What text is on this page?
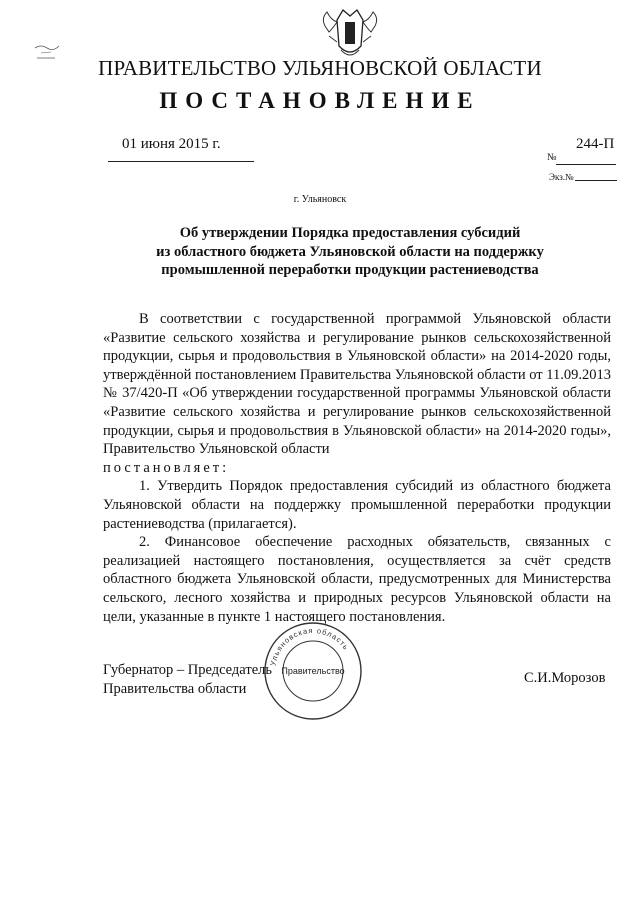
ПРАВИТЕЛЬСТВО УЛЬЯНОВСКОЙ ОБЛАСТИ
ПОСТАНОВЛЕНИЕ
01 июня 2015 г.	244-П
№
Экз.№
г. Ульяновск
Об утверждении Порядка предоставления субсидий
из областного бюджета Ульяновской области на поддержку
промышленной переработки продукции растениеводства

В соответствии с государственной программой Ульяновской области «Развитие сельского хозяйства и регулирование рынков сельскохозяйственной продукции, сырья и продовольствия в Ульяновской области» на 2014-2020 годы, утверждённой постановлением Правительства Ульяновской области от 11.09.2013 № 37/420-П «Об утверждении государственной программы Ульяновской области «Развитие сельского хозяйства и регулирование рынков сельскохозяйственной продукции, сырья и продовольствия в Ульяновской области» на 2014-2020 годы», Правительство Ульяновской области

постановляет:

1. Утвердить Порядок предоставления субсидий из областного бюджета Ульяновской области на поддержку промышленной переработки продукции растениеводства (прилагается).

2. Финансовое обеспечение расходных обязательств, связанных с реализацией настоящего постановления, осуществляется за счёт средств областного бюджета Ульяновской области, предусмотренных для Министерства сельского, лесного хозяйства и природных ресурсов Ульяновской области на цели, указанные в пункте 1 настоящего постановления.

Губернатор – Председатель
Правительства области
С.И.Морозов
Ульяновская область
Правительство
